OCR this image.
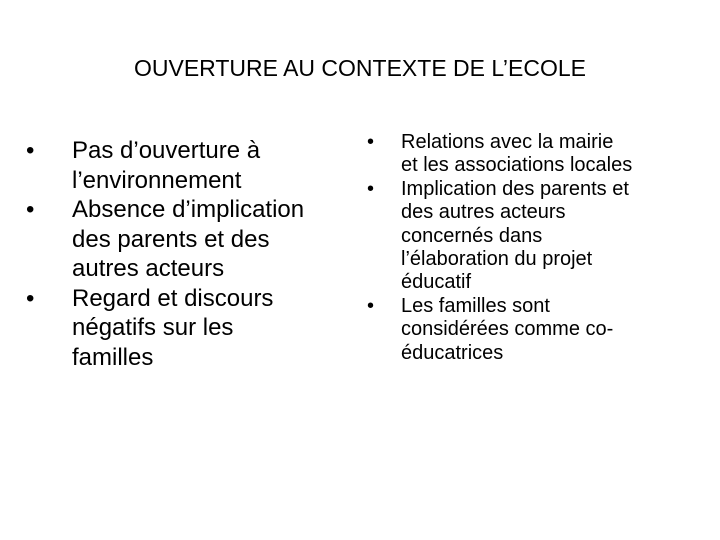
OUVERTURE AU CONTEXTE DE L’ECOLE
• Pas d’ouverture à
l’environnement
• Absence d’implication
des parents et des
autres acteurs
• Regard et discours
négatifs sur les
familles
• Relations avec la mairie
et les associations locales
• Implication des parents et
des autres acteurs
concernés dans
l’élaboration du projet
éducatif
• Les familles sont
considérées comme co-
éducatrices
